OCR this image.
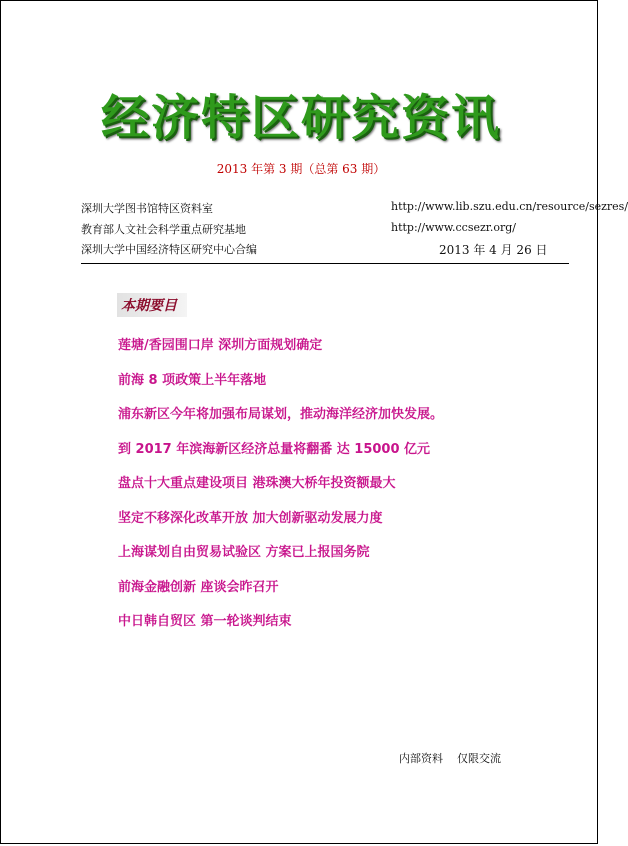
经济特区研究资讯
2013 年第 3 期（总第 63 期）
深圳大学图书馆特区资料室	http://www.lib.szu.edu.cn/resource/sezres/
教育部人文社会科学重点研究基地	http://www.ccsezr.org/
深圳大学中国经济特区研究中心合编	2013 年 4 月 26 日
本期要目
莲塘/香园围口岸 深圳方面规划确定
前海 8 项政策上半年落地
浦东新区今年将加强布局谋划，推动海洋经济加快发展。
到 2017 年滨海新区经济总量将翻番 达 15000 亿元
盘点十大重点建设项目 港珠澳大桥年投资额最大
坚定不移深化改革开放 加大创新驱动发展力度
上海谋划自由贸易试验区 方案已上报国务院
前海金融创新 座谈会昨召开
中日韩自贸区 第一轮谈判结束
内部资料    仅限交流
